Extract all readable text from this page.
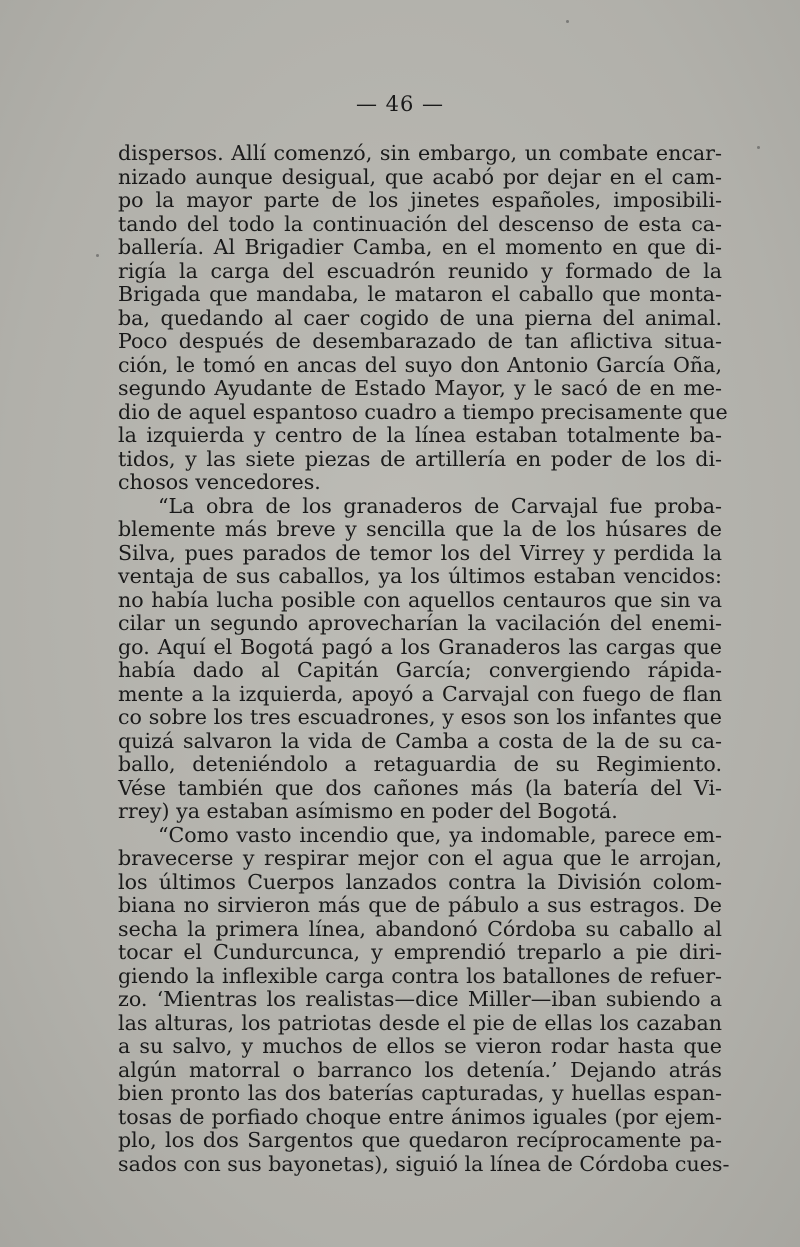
— 46 —
dispersos. Allí comenzó, sin embargo, un combate encar-
nizado aunque desigual, que acabó por dejar en el cam-
po la mayor parte de los jinetes españoles, imposibili-
tando del todo la continuación del descenso de esta ca-
ballería. Al Brigadier Camba, en el momento en que di-
rigía la carga del escuadrón reunido y formado de la
Brigada que mandaba, le mataron el caballo que monta-
ba, quedando al caer cogido de una pierna del animal.
Poco después de desembarazado de tan aflictiva situa-
ción, le tomó en ancas del suyo don Antonio García Oña,
segundo Ayudante de Estado Mayor, y le sacó de en me-
dio de aquel espantoso cuadro a tiempo precisamente que
la izquierda y centro de la línea estaban totalmente ba-
tidos, y las siete piezas de artillería en poder de los di-
chosos vencedores.
“La obra de los granaderos de Carvajal fue proba-
blemente más breve y sencilla que la de los húsares de
Silva, pues parados de temor los del Virrey y perdida la
ventaja de sus caballos, ya los últimos estaban vencidos:
no había lucha posible con aquellos centauros que sin va
cilar un segundo aprovecharían la vacilación del enemi-
go. Aquí el Bogotá pagó a los Granaderos las cargas que
había dado al Capitán García; convergiendo rápida-
mente a la izquierda, apoyó a Carvajal con fuego de flan
co sobre los tres escuadrones, y esos son los infantes que
quizá salvaron la vida de Camba a costa de la de su ca-
ballo, deteniéndolo a retaguardia de su Regimiento.
Vése también que dos cañones más (la batería del Vi-
rrey) ya estaban asímismo en poder del Bogotá.
“Como vasto incendio que, ya indomable, parece em-
bravecerse y respirar mejor con el agua que le arrojan,
los últimos Cuerpos lanzados contra la División colom-
biana no sirvieron más que de pábulo a sus estragos. De
secha la primera línea, abandonó Córdoba su caballo al
tocar el Cundurcunca, y emprendió treparlo a pie diri-
giendo la inflexible carga contra los batallones de refuer-
zo. ‘Mientras los realistas—dice Miller—iban subiendo a
las alturas, los patriotas desde el pie de ellas los cazaban
a su salvo, y muchos de ellos se vieron rodar hasta que
algún matorral o barranco los detenía.’ Dejando atrás
bien pronto las dos baterías capturadas, y huellas espan-
tosas de porfiado choque entre ánimos iguales (por ejem-
plo, los dos Sargentos que quedaron recíprocamente pa-
sados con sus bayonetas), siguió la línea de Córdoba cues-
